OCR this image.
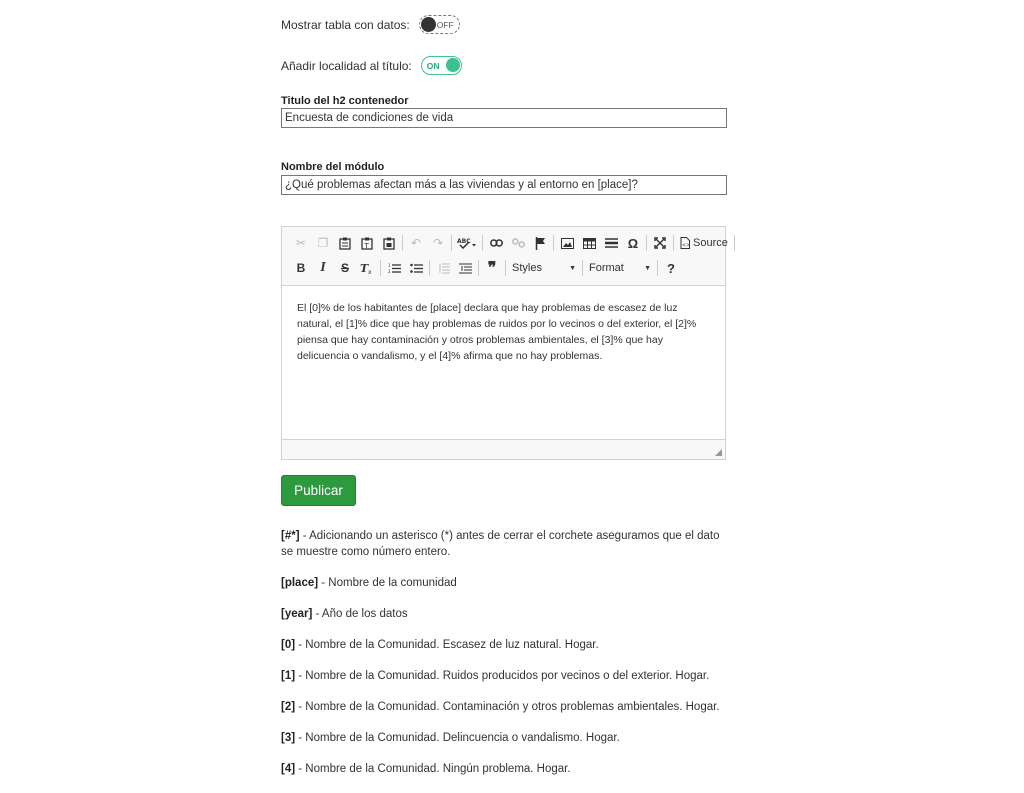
Mostrar tabla con datos:	OFF
Añadir localidad al título: ON
Titulo del h2 contenedor
Encuesta de condiciones de vida
Nombre del módulo
¿Qué problemas afectan más a las viviendas y al entorno en [place]?
✂ ❐	T	↶ ↷	ABC	Ω	<> Source
B	I	S	T x
1
2	❞	Styles	▼ Format	▼	?
El [0]% de los habitantes de [place] declara que hay problemas de escasez de luz natural, el [1]% dice que hay problemas de ruidos por lo vecinos o del exterior, el [2]% piensa que hay contaminación y otros problemas ambientales, el [3]% que hay delicuencia o vandalismo, y el [4]% afirma que no hay problemas.
Publicar
[#*] - Adicionando un asterisco (*) antes de cerrar el corchete aseguramos que el dato se muestre como número entero.
[place] - Nombre de la comunidad
[year] - Año de los datos
[0] - Nombre de la Comunidad. Escasez de luz natural. Hogar.
[1] - Nombre de la Comunidad. Ruidos producidos por vecinos o del exterior. Hogar.
[2] - Nombre de la Comunidad. Contaminación y otros problemas ambientales. Hogar.
[3] - Nombre de la Comunidad. Delincuencia o vandalismo. Hogar.
[4] - Nombre de la Comunidad. Ningún problema. Hogar.
